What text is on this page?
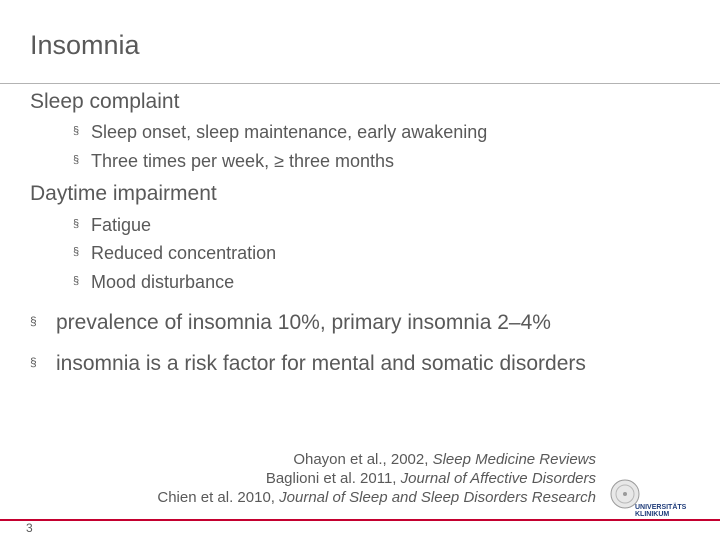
Insomnia
Sleep complaint
§ Sleep onset, sleep maintenance, early awakening
§ Three times per week, ≥ three months
Daytime impairment
§ Fatigue
§ Reduced concentration
§ Mood disturbance
§ prevalence of insomnia 10%, primary insomnia 2–4%
§ insomnia is a risk factor for mental and somatic disorders
Ohayon et al., 2002, Sleep Medicine Reviews
Baglioni et al. 2011, Journal of Affective Disorders
Chien et al. 2010, Journal of Sleep and Sleep Disorders Research
UNIVERSITÄTS
KLINIKUM
3
